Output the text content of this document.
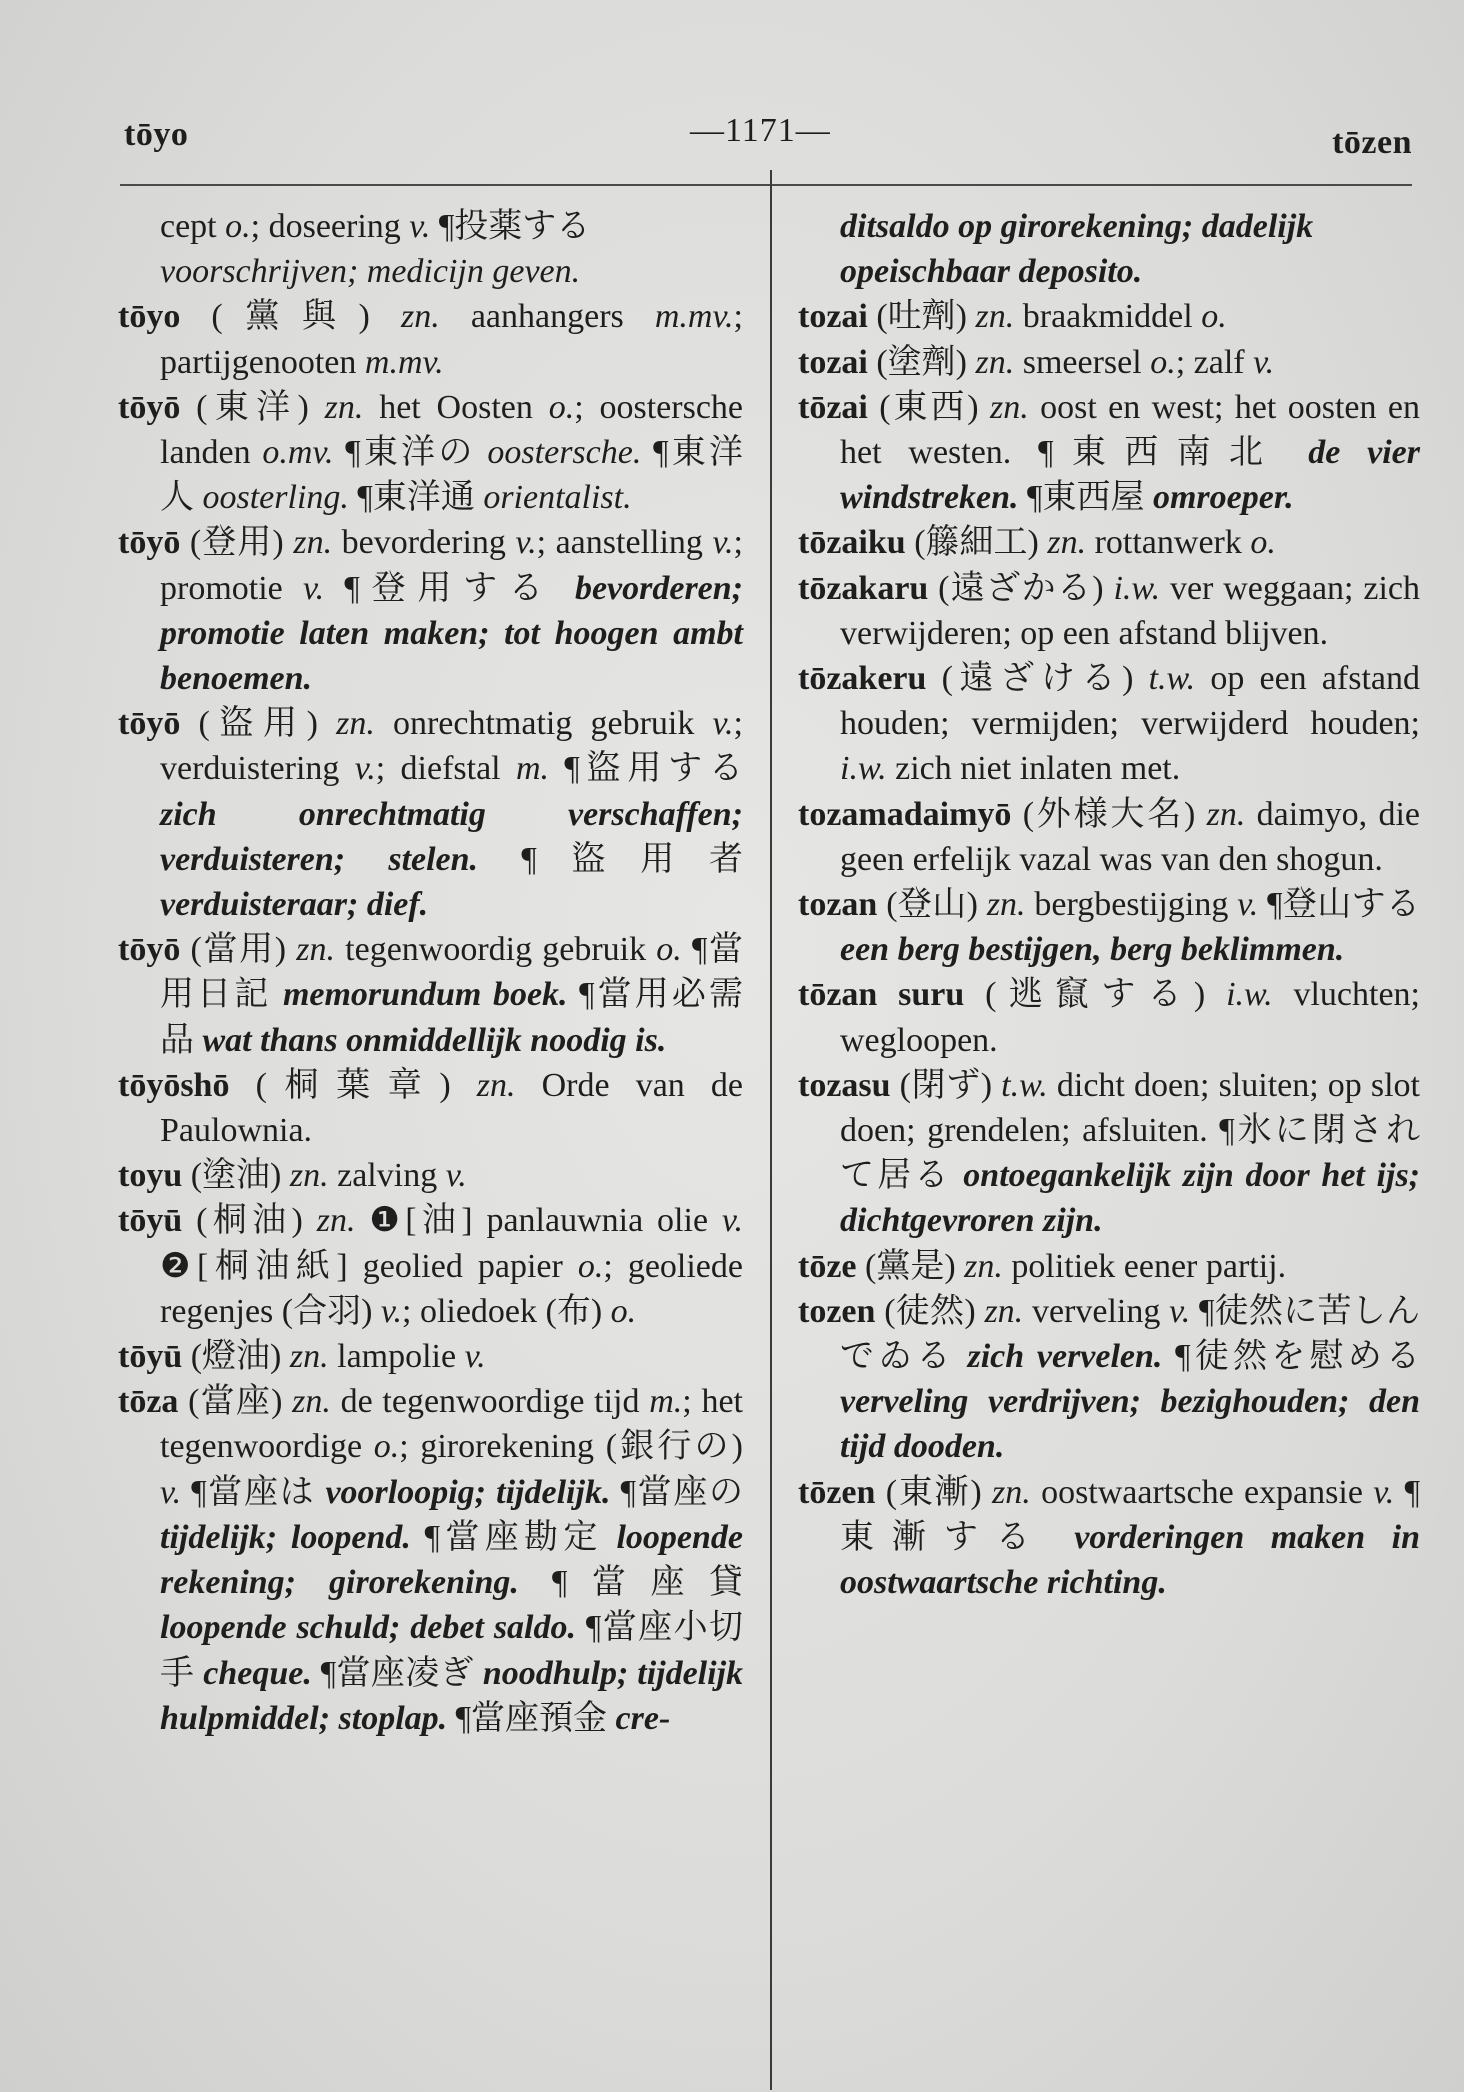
tōyo	—1171—	tōzen
cept o.; doseering v. ¶投薬する voorschrijven; medicijn geven.
tōyo (黨與) zn. aanhangers m.mv.; partijgenooten m.mv.
tōyō (東洋) zn. het Oosten o.; oostersche landen o.mv. ¶東洋の oostersche. ¶東洋人 oosterling. ¶東洋通 orientalist.
tōyō (登用) zn. bevordering v.; aanstelling v.; promotie v. ¶登用する bevorderen; promotie laten maken; tot hoogen ambt benoemen.
tōyō (盜用) zn. onrechtmatig gebruik v.; verduistering v.; diefstal m. ¶盜用する zich onrechtmatig verschaffen; verduisteren; stelen. ¶盜用者 verduisteraar; dief.
tōyō (當用) zn. tegenwoordig gebruik o. ¶當用日記 memorundum boek. ¶當用必需品 wat thans onmiddellijk noodig is.
tōyōshō (桐葉章) zn. Orde van de Paulownia.
toyu (塗油) zn. zalving v.
tōyū (桐油) zn. ❶[油] panlauwnia olie v. ❷[桐油紙] geolied papier o.; geoliede regenjes (合羽) v.; oliedoek (布) o.
tōyū (燈油) zn. lampolie v.
tōza (當座) zn. de tegenwoordige tijd m.; het tegenwoordige o.; girorekening (銀行の) v. ¶當座は voorloopig; tijdelijk. ¶當座の tijdelijk; loopend. ¶當座勘定 loopende rekening; girorekening. ¶當座貸 loopende schuld; debet saldo. ¶當座小切手 cheque. ¶當座凌ぎ noodhulp; tijdelijk hulpmiddel; stoplap. ¶當座預金 cre-
ditsaldo op girorekening; dadelijk opeischbaar deposito.
tozai (吐劑) zn. braakmiddel o.
tozai (塗劑) zn. smeersel o.; zalf v.
tōzai (東西) zn. oost en west; het oosten en het westen. ¶東西南北 de vier windstreken. ¶東西屋 omroeper.
tōzaiku (籐細工) zn. rottanwerk o.
tōzakaru (遠ざかる) i.w. ver weggaan; zich verwijderen; op een afstand blijven.
tōzakeru (遠ざける) t.w. op een afstand houden; vermijden; verwijderd houden; i.w. zich niet inlaten met.
tozamadaimyō (外様大名) zn. daimyo, die geen erfelijk vazal was van den shogun.
tozan (登山) zn. bergbestijging v. ¶登山する een berg bestijgen, berg beklimmen.
tōzan suru (逃竄する) i.w. vluchten; wegloopen.
tozasu (閉ず) t.w. dicht doen; sluiten; op slot doen; grendelen; afsluiten. ¶氷に閉されて居る ontoegankelijk zijn door het ijs; dichtgevroren zijn.
tōze (黨是) zn. politiek eener partij.
tozen (徒然) zn. verveling v. ¶徒然に苦しんでゐる zich vervelen. ¶徒然を慰める verveling verdrijven; bezighouden; den tijd dooden.
tōzen (東漸) zn. oostwaartsche expansie v. ¶東漸する vorderingen maken in oostwaartsche richting.
